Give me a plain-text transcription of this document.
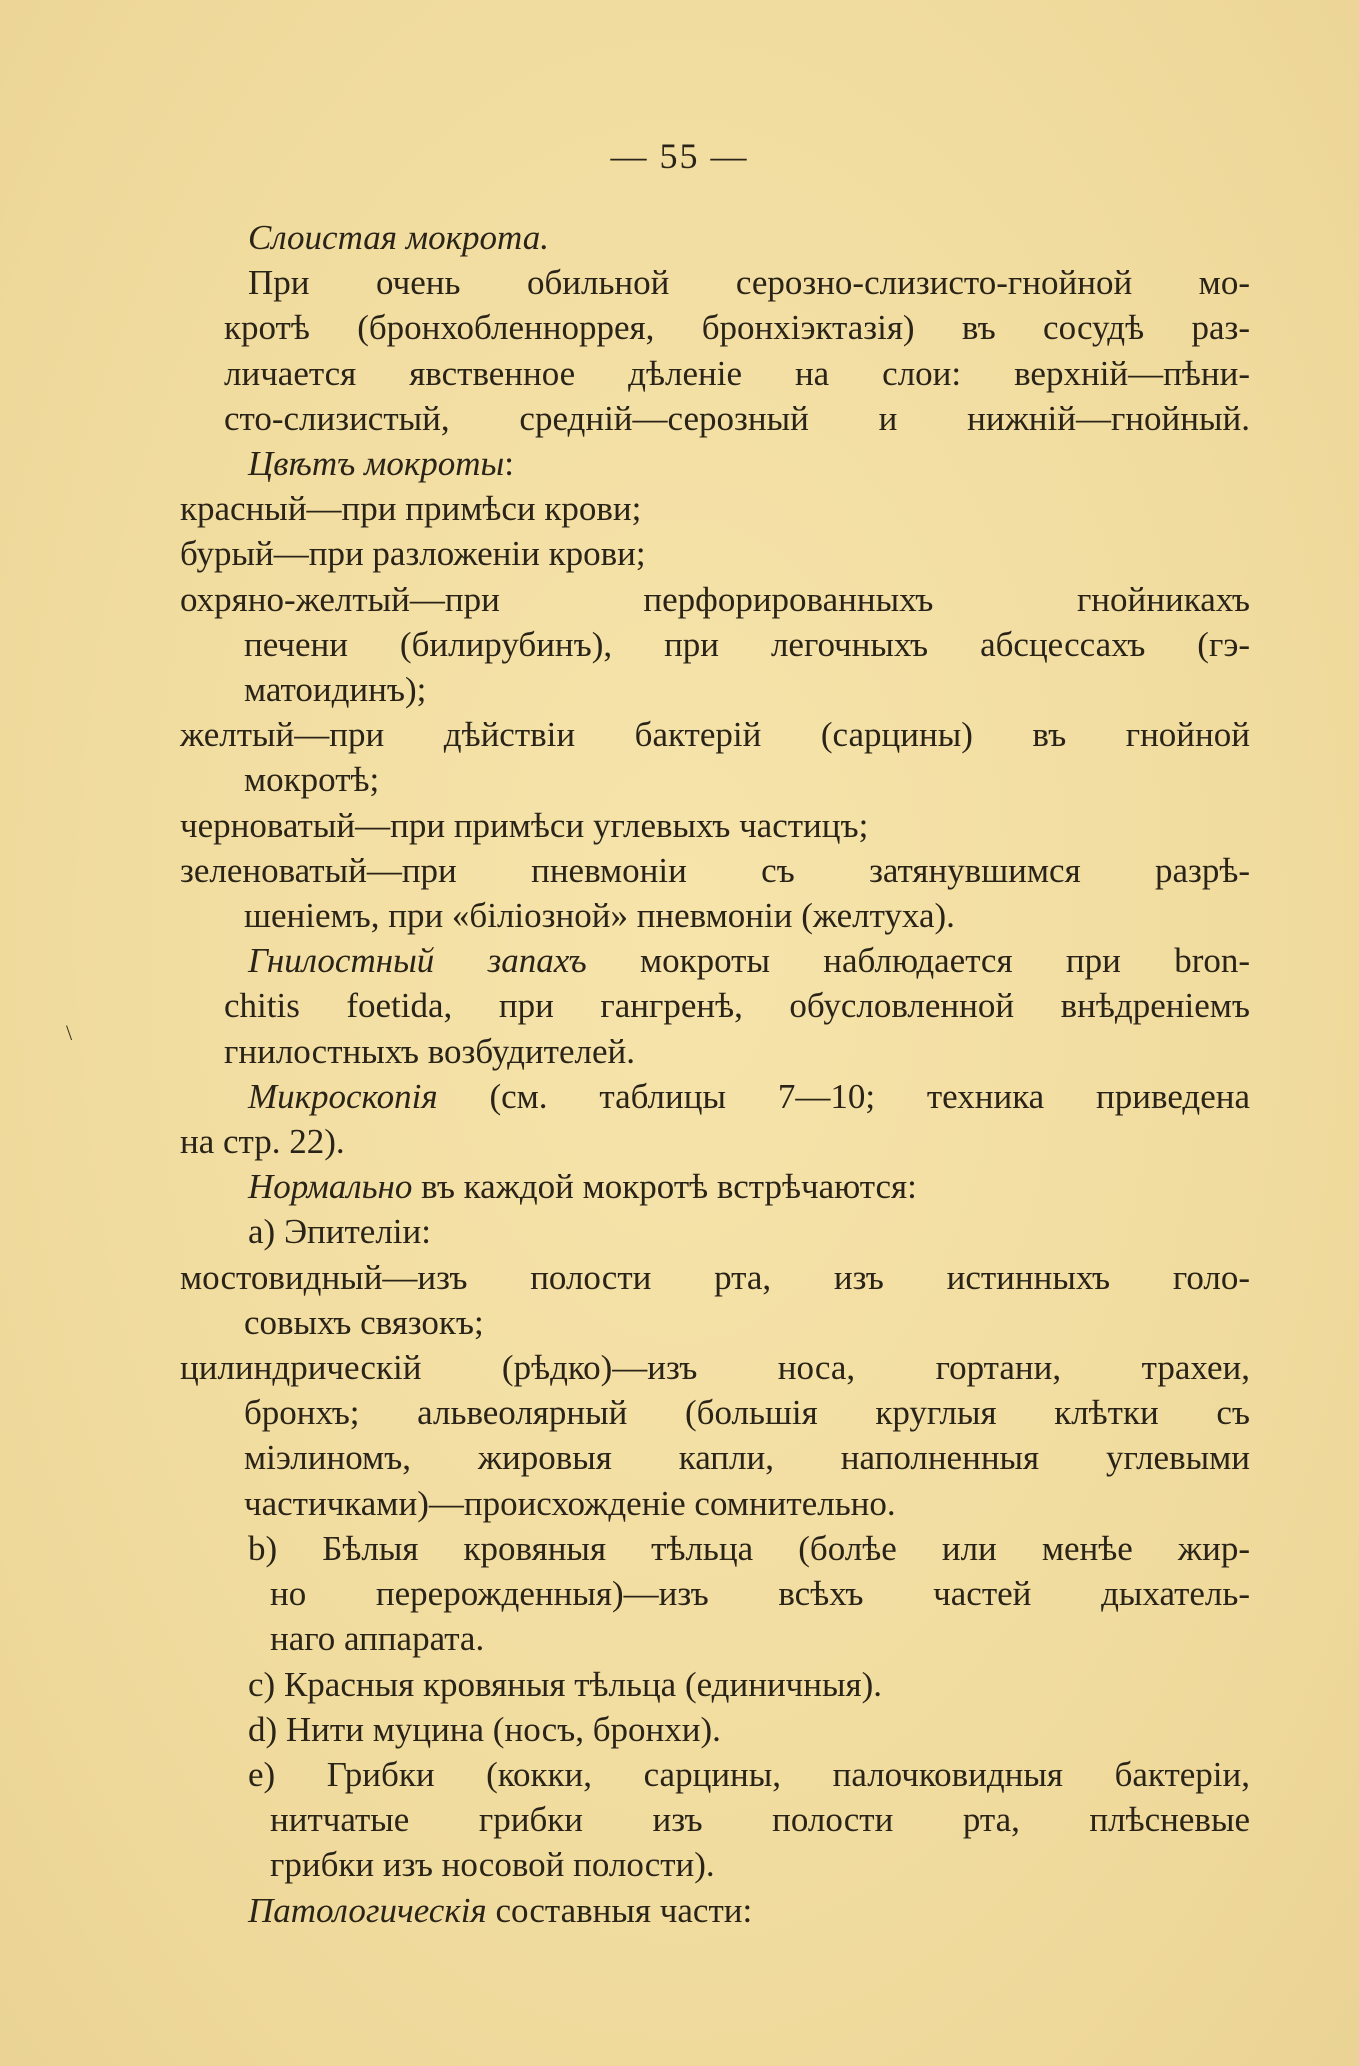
— 55 —
Слоистая мокрота.
При очень обильной серозно-слизисто-гнойной мо-
кротѣ (бронхобленноррея, бронхіэктазія) въ сосудѣ раз-
личается явственное дѣленіе на слои: верхній—пѣни-
сто-слизистый, средній—серозный и нижній—гнойный.
Цвѣтъ мокроты:
красный—при примѣси крови;
бурый—при разложеніи крови;
охряно-желтый—при перфорированныхъ гнойникахъ
печени (билирубинъ), при легочныхъ абсцессахъ (гэ-
матоидинъ);
желтый—при дѣйствіи бактерій (сарцины) въ гнойной
мокротѣ;
черноватый—при примѣси углевыхъ частицъ;
зеленоватый—при пневмоніи съ затянувшимся разрѣ-
шеніемъ, при «біліозной» пневмоніи (желтуха).
Гнилостный запахъ мокроты наблюдается при bron-
chitis foetida, при гангренѣ, обусловленной внѣдреніемъ
гнилостныхъ возбудителей.
Микроскопія (см. таблицы 7—10; техника приведена
на стр. 22).
Нормально въ каждой мокротѣ встрѣчаются:
a) Эпителіи:
мостовидный—изъ полости рта, изъ истинныхъ голо-
совыхъ связокъ;
цилиндрическій (рѣдко)—изъ носа, гортани, трахеи,
бронхъ; альвеолярный (большія круглыя клѣтки съ
міэлиномъ, жировыя капли, наполненныя углевыми
частичками)—происхожденіе сомнительно.
b) Бѣлыя кровяныя тѣльца (болѣе или менѣе жир-
но перерожденныя)—изъ всѣхъ частей дыхатель-
наго аппарата.
c) Красныя кровяныя тѣльца (единичныя).
d) Нити муцина (носъ, бронхи).
e) Грибки (кокки, сарцины, палочковидныя бактеріи,
нитчатые грибки изъ полости рта, плѣсневые
грибки изъ носовой полости).
Патологическія составныя части:
\
